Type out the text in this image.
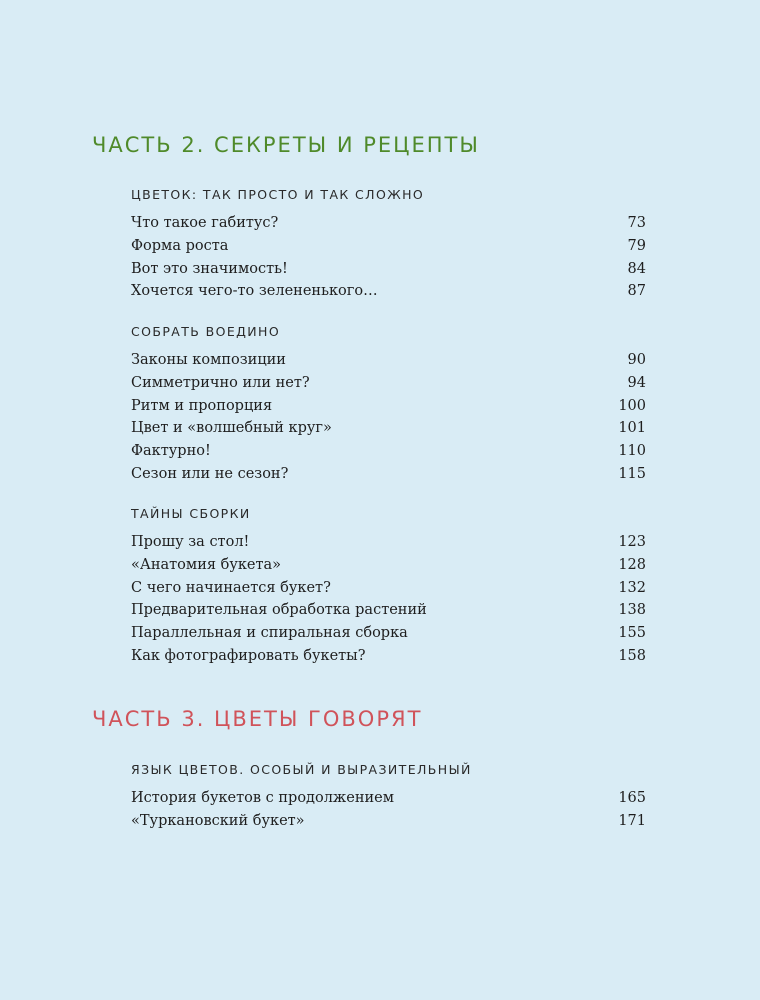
ЧАСТЬ 2. СЕКРЕТЫ И РЕЦЕПТЫ
ЦВЕТОК: ТАК ПРОСТО И ТАК СЛОЖНО
Что такое габитус?	73
Форма роста	79
Вот это значимость!	84
Хочется чего-то зелененького…	87
СОБРАТЬ ВОЕДИНО
Законы композиции	90
Симметрично или нет?	94
Ритм и пропорция	100
Цвет и «волшебный круг»	101
Фактурно!	110
Сезон или не сезон?	115
ТАЙНЫ СБОРКИ
Прошу за стол!	123
«Анатомия букета»	128
С чего начинается букет?	132
Предварительная обработка растений	138
Параллельная и спиральная сборка	155
Как фотографировать букеты?	158
ЧАСТЬ 3. ЦВЕТЫ ГОВОРЯТ
ЯЗЫК ЦВЕТОВ. ОСОБЫЙ И ВЫРАЗИТЕЛЬНЫЙ
История букетов с продолжением	165
«Туркановский букет»	171
